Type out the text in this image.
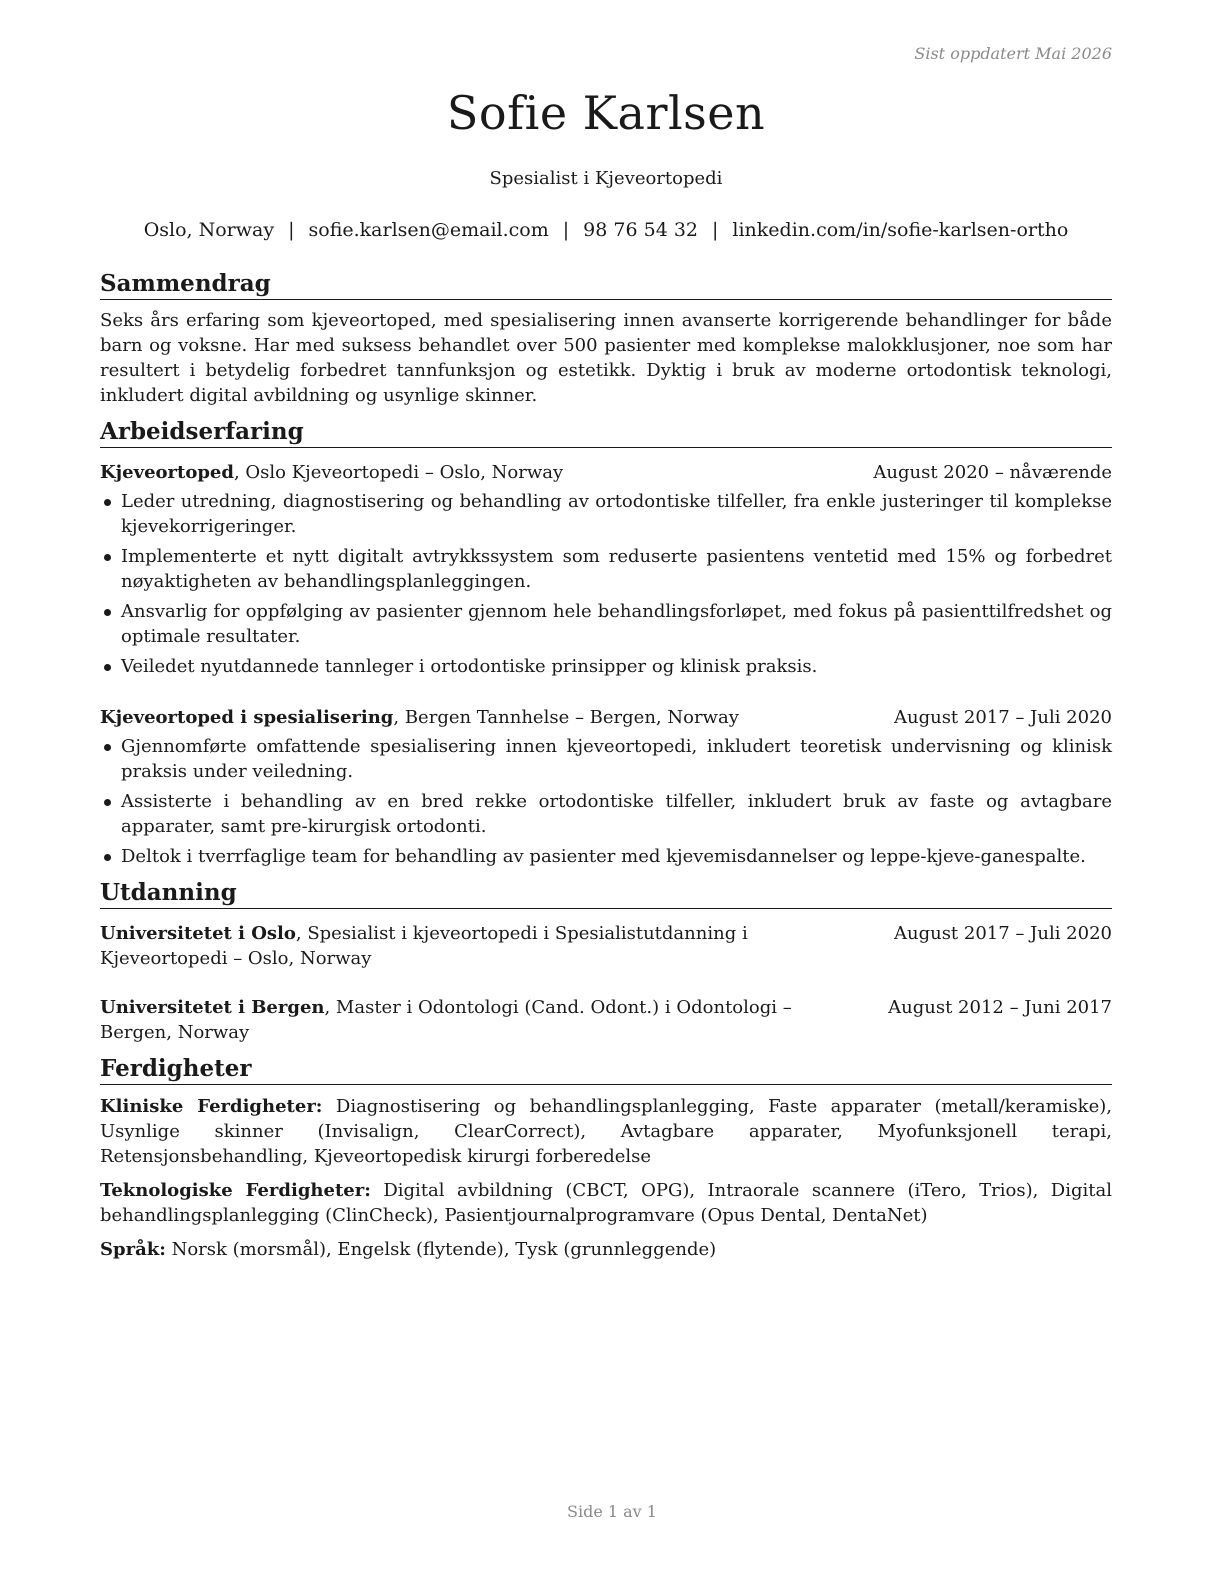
Sist oppdatert Mai 2026
Sofie Karlsen
Spesialist i Kjeveortopedi
Oslo, Norway | sofie.karlsen@email.com | 98 76 54 32 | linkedin.com/in/sofie-karlsen-ortho
Sammendrag

Seks års erfaring som kjeveortoped, med spesialisering innen avanserte korrigerende behandlinger for både barn og voksne. Har med suksess behandlet over 500 pasienter med komplekse malokklusjoner, noe som har resultert i betydelig forbedret tannfunksjon og estetikk. Dyktig i bruk av moderne ortodontisk teknologi, inkludert digital avbildning og usynlige skinner.

Arbeidserfaring
Kjeveortoped, Oslo Kjeveortopedi – Oslo, Norway	August 2020 – nåværende
Leder utredning, diagnostisering og behandling av ortodontiske tilfeller, fra enkle justeringer til komplekse kjevekorrigeringer.
Implementerte et nytt digitalt avtrykkssystem som reduserte pasientens ventetid med 15% og forbedret nøyaktigheten av behandlingsplanleggingen.
Ansvarlig for oppfølging av pasienter gjennom hele behandlingsforløpet, med fokus på pasienttilfredshet og optimale resultater.
Veiledet nyutdannede tannleger i ortodontiske prinsipper og klinisk praksis.
Kjeveortoped i spesialisering, Bergen Tannhelse – Bergen, Norway	August 2017 – Juli 2020
Gjennomførte omfattende spesialisering innen kjeveortopedi, inkludert teoretisk undervisning og klinisk praksis under veiledning.
Assisterte i behandling av en bred rekke ortodontiske tilfeller, inkludert bruk av faste og avtagbare apparater, samt pre-kirurgisk ortodonti.
Deltok i tverrfaglige team for behandling av pasienter med kjevemisdannelser og leppe-kjeve-ganespalte.
Utdanning
Universitetet i Oslo, Spesialist i kjeveortopedi i Spesialistutdanning i Kjeveortopedi – Oslo, Norway
August 2017 – Juli 2020
Universitetet i Bergen, Master i Odontologi (Cand. Odont.) i Odontologi – Bergen, Norway
August 2012 – Juni 2017
Ferdigheter
Kliniske Ferdigheter: Diagnostisering og behandlingsplanlegging, Faste apparater (metall/keramiske), Usynlige skinner (Invisalign, ClearCorrect), Avtagbare apparater, Myofunksjonell terapi, Retensjonsbehandling, Kjeveortopedisk kirurgi forberedelse
Teknologiske Ferdigheter: Digital avbildning (CBCT, OPG), Intraorale scannere (iTero, Trios), Digital behandlingsplanlegging (ClinCheck), Pasientjournalprogramvare (Opus Dental, DentaNet)
Språk: Norsk (morsmål), Engelsk (flytende), Tysk (grunnleggende)
Side 1 av 1
